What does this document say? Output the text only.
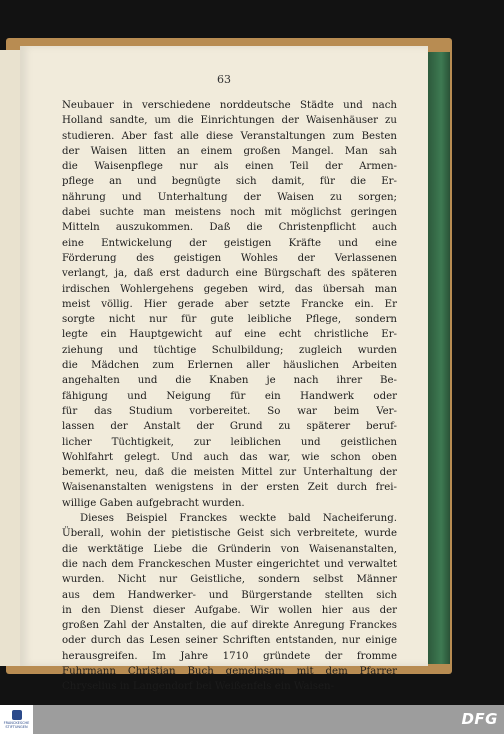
63
Neubauer in verschiedene norddeutsche Städte und nach
Holland sandte, um die Einrichtungen der Waisenhäuser zu
studieren. Aber fast alle diese Veranstaltungen zum Besten
der Waisen litten an einem großen Mangel. Man sah
die Waisenpflege nur als einen Teil der Armen-
pflege an und begnügte sich damit, für die Er-
nährung und Unterhaltung der Waisen zu sorgen;
dabei suchte man meistens noch mit möglichst geringen
Mitteln auszukommen. Daß die Christenpflicht auch
eine Entwickelung der geistigen Kräfte und eine
Förderung des geistigen Wohles der Verlassenen
verlangt, ja, daß erst dadurch eine Bürgschaft des späteren
irdischen Wohlergehens gegeben wird, das übersah man
meist völlig. Hier gerade aber setzte Francke ein. Er
sorgte nicht nur für gute leibliche Pflege, sondern
legte ein Hauptgewicht auf eine echt christliche Er-
ziehung und tüchtige Schulbildung; zugleich wurden
die Mädchen zum Erlernen aller häuslichen Arbeiten
angehalten und die Knaben je nach ihrer Be-
fähigung und Neigung für ein Handwerk oder
für das Studium vorbereitet. So war beim Ver-
lassen der Anstalt der Grund zu späterer beruf-
licher Tüchtigkeit, zur leiblichen und geistlichen
Wohlfahrt gelegt. Und auch das war, wie schon oben
bemerkt, neu, daß die meisten Mittel zur Unterhaltung der
Waisenanstalten wenigstens in der ersten Zeit durch frei-
willige Gaben aufgebracht wurden.
Dieses Beispiel Franckes weckte bald Nacheiferung.
Überall, wohin der pietistische Geist sich verbreitete, wurde
die werktätige Liebe die Gründerin von Waisenanstalten,
die nach dem Franckeschen Muster eingerichtet und verwaltet
wurden. Nicht nur Geistliche, sondern selbst Männer
aus dem Handwerker- und Bürgerstande stellten sich
in den Dienst dieser Aufgabe. Wir wollen hier aus der
großen Zahl der Anstalten, die auf direkte Anregung Franckes
oder durch das Lesen seiner Schriften entstanden, nur einige
herausgreifen. Im Jahre 1710 gründete der fromme
Fuhrmann Christian Buch gemeinsam mit dem Pfarrer
Chryselius in Langendorf bei Weißenfels ein Waisen-
FRANCKESCHE STIFTUNGEN	DFG
